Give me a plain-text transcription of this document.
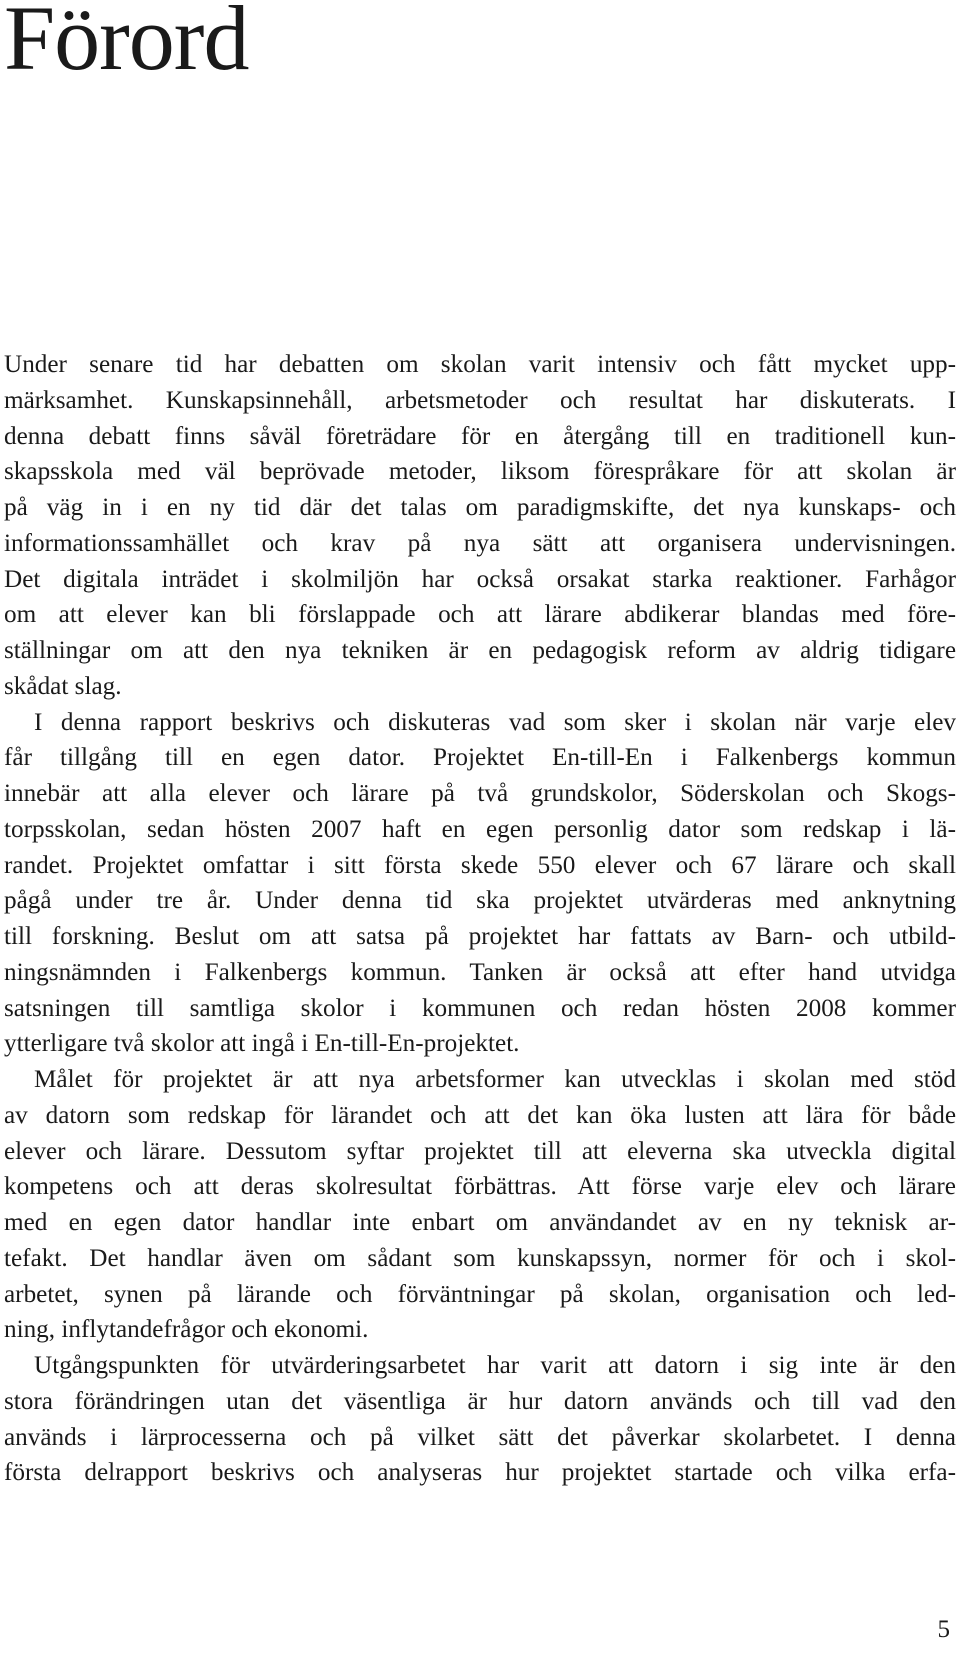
Förord
Under senare tid har debatten om skolan varit intensiv och fått mycket upp-
märksamhet. Kunskapsinnehåll, arbetsmetoder och resultat har diskuterats. I
denna debatt finns såväl företrädare för en återgång till en traditionell kun-
skapsskola med väl beprövade metoder, liksom förespråkare för att skolan är
på väg in i en ny tid där det talas om paradigmskifte, det nya kunskaps- och
informationssamhället och krav på nya sätt att organisera undervisningen.
Det digitala inträdet i skolmiljön har också orsakat starka reaktioner. Farhågor
om att elever kan bli förslappade och att lärare abdikerar blandas med före-
ställningar om att den nya tekniken är en pedagogisk reform av aldrig tidigare
skådat slag.
I denna rapport beskrivs och diskuteras vad som sker i skolan när varje elev
får tillgång till en egen dator. Projektet En-till-En i Falkenbergs kommun
innebär att alla elever och lärare på två grundskolor, Söderskolan och Skogs-
torpsskolan, sedan hösten 2007 haft en egen personlig dator som redskap i lä-
randet. Projektet omfattar i sitt första skede 550 elever och 67 lärare och skall
pågå under tre år. Under denna tid ska projektet utvärderas med anknytning
till forskning. Beslut om att satsa på projektet har fattats av Barn- och utbild-
ningsnämnden i Falkenbergs kommun. Tanken är också att efter hand utvidga
satsningen till samtliga skolor i kommunen och redan hösten 2008 kommer
ytterligare två skolor att ingå i En-till-En-projektet.
Målet för projektet är att nya arbetsformer kan utvecklas i skolan med stöd
av datorn som redskap för lärandet och att det kan öka lusten att lära för både
elever och lärare. Dessutom syftar projektet till att eleverna ska utveckla digital
kompetens och att deras skolresultat förbättras. Att förse varje elev och lärare
med en egen dator handlar inte enbart om användandet av en ny teknisk ar-
tefakt. Det handlar även om sådant som kunskapssyn, normer för och i skol-
arbetet, synen på lärande och förväntningar på skolan, organisation och led-
ning, inflytandefrågor och ekonomi.
Utgångspunkten för utvärderingsarbetet har varit att datorn i sig inte är den
stora förändringen utan det väsentliga är hur datorn används och till vad den
används i lärprocesserna och på vilket sätt det påverkar skolarbetet. I denna
första delrapport beskrivs och analyseras hur projektet startade och vilka erfa-
5
